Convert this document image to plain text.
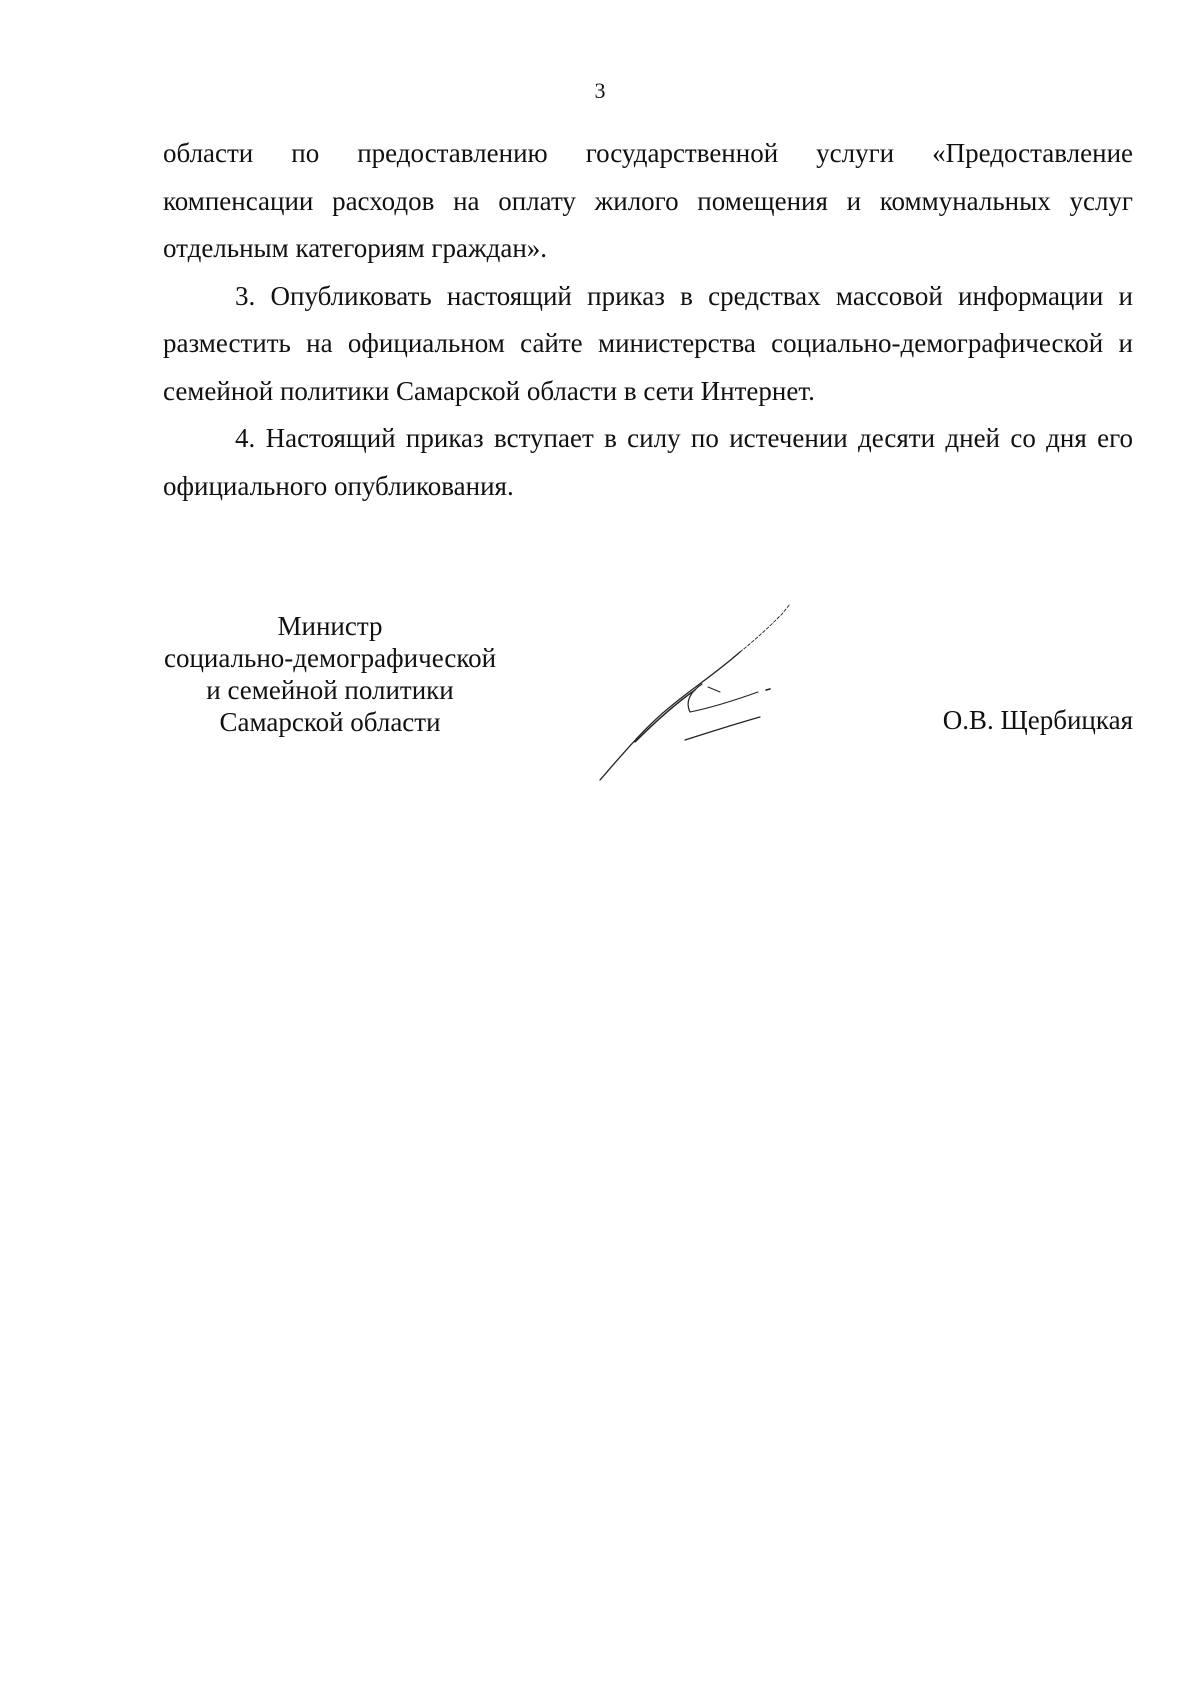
3

области по предоставлению государственной услуги «Предоставление компенсации расходов на оплату жилого помещения и коммунальных услуг отдельным категориям граждан».

3. Опубликовать настоящий приказ в средствах массовой информации и разместить на официальном сайте министерства социально-демографической и семейной политики Самарской области в сети Интернет.

4. Настоящий приказ вступает в силу по истечении десяти дней со дня его официального опубликования.

Министр
социально-демографической
и семейной политики
Самарской области	О.В. Щербицкая
